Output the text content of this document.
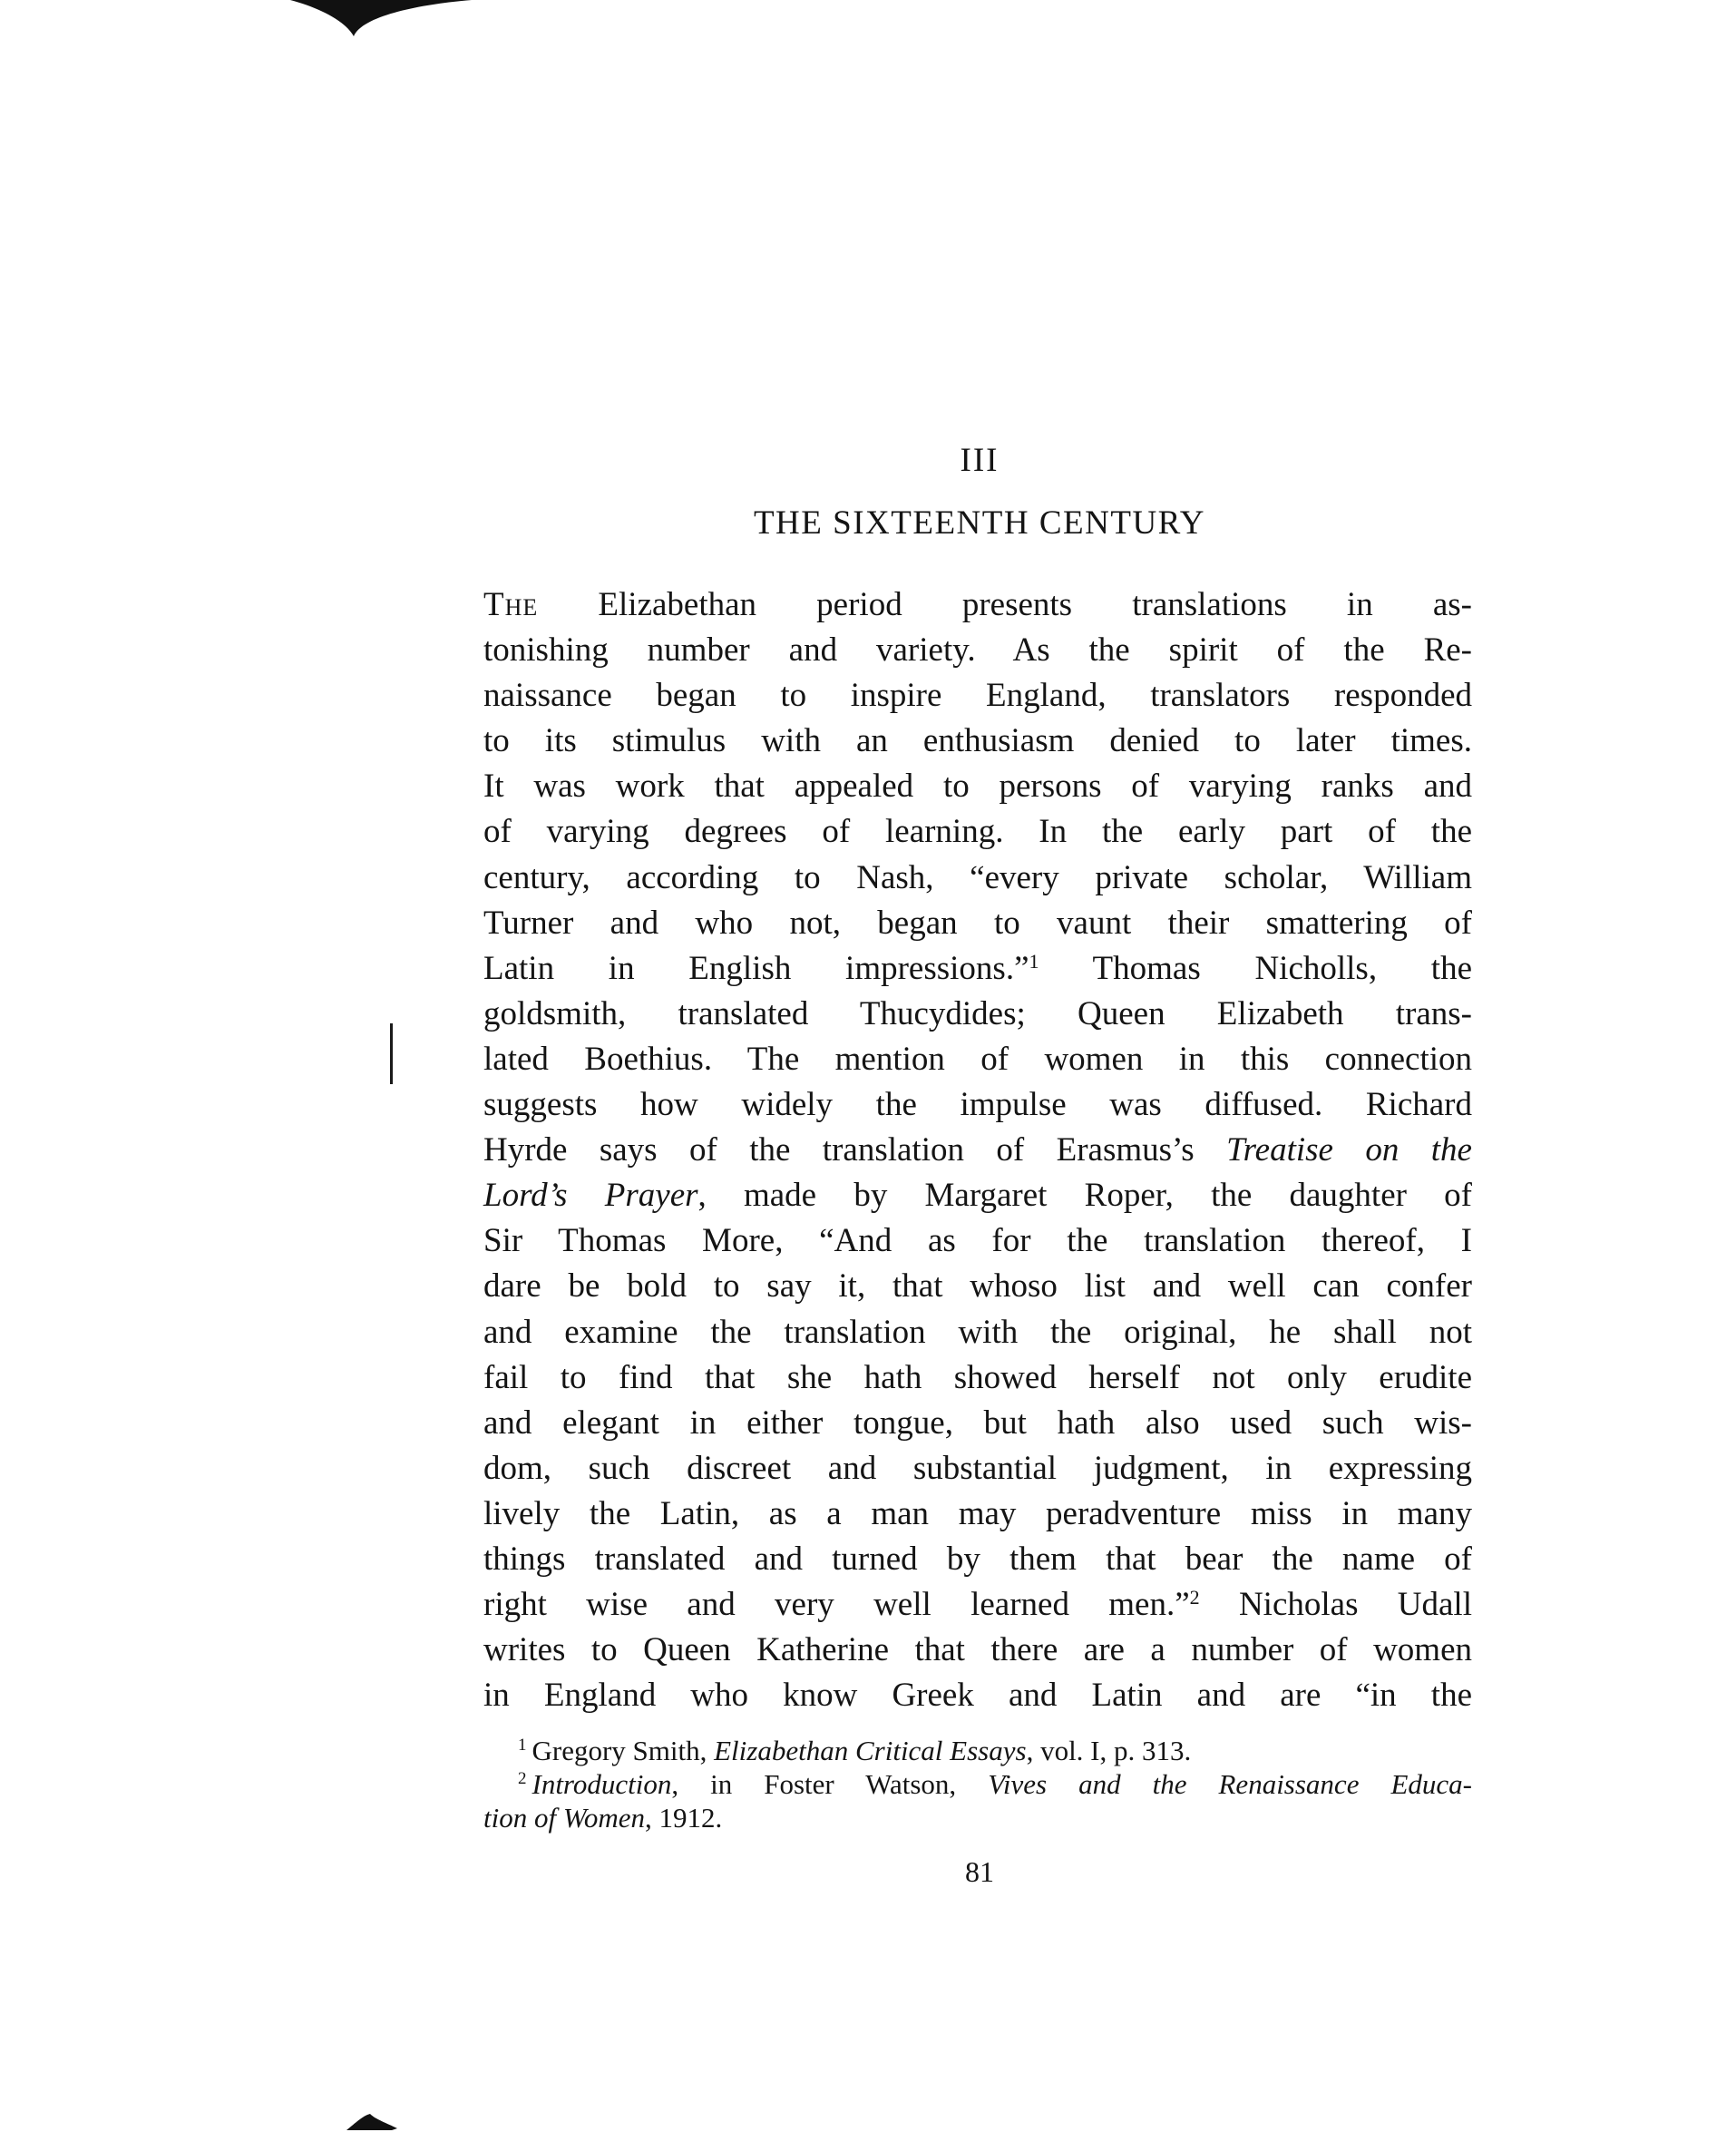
III
THE SIXTEENTH CENTURY
The Elizabethan period presents translations in as-
tonishing number and variety. As the spirit of the Re-
naissance began to inspire England, translators responded
to its stimulus with an enthusiasm denied to later times.
It was work that appealed to persons of varying ranks and
of varying degrees of learning. In the early part of the
century, according to Nash, “every private scholar, William
Turner and who not, began to vaunt their smattering of
Latin in English impressions.”$^1$ Thomas Nicholls, the
goldsmith, translated Thucydides; Queen Elizabeth trans-
lated Boethius. The mention of women in this connection
suggests how widely the impulse was diffused. Richard
Hyrde says of the translation of Erasmus’s Treatise on the
Lord’s Prayer, made by Margaret Roper, the daughter of
Sir Thomas More, “And as for the translation thereof, I
dare be bold to say it, that whoso list and well can confer
and examine the translation with the original, he shall not
fail to find that she hath showed herself not only erudite
and elegant in either tongue, but hath also used such wis-
dom, such discreet and substantial judgment, in expressing
lively the Latin, as a man may peradventure miss in many
things translated and turned by them that bear the name of
right wise and very well learned men.”$^2$ Nicholas Udall
writes to Queen Katherine that there are a number of women
in England who know Greek and Latin and are “in the
$^1$ Gregory Smith, Elizabethan Critical Essays, vol. I, p. 313.
$^2$ Introduction, in Foster Watson, Vives and the Renaissance Educa-
tion of Women, 1912.
81
